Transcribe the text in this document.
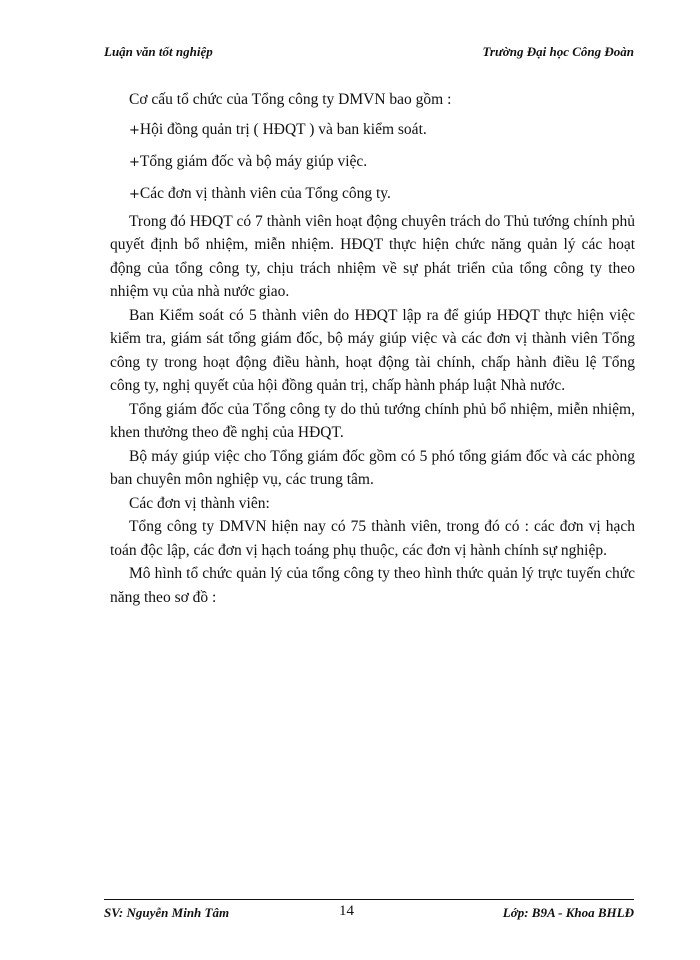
Luận văn tốt nghiệp	Trường Đại học Công Đoàn

Cơ cấu tổ chức của Tổng công ty DMVN bao gồm :

+Hội đồng quản trị ( HĐQT ) và ban kiểm soát.

+Tổng giám đốc và bộ máy giúp việc.

+Các đơn vị thành viên của Tổng công ty.

Trong đó HĐQT có 7 thành viên hoạt động chuyên trách do Thủ tướng chính phủ quyết định bổ nhiệm, miễn nhiệm. HĐQT thực hiện chức năng quản lý các hoạt động của tổng công ty, chịu trách nhiệm về sự phát triển của tổng công ty theo nhiệm vụ của nhà nước giao.

Ban Kiểm soát có 5 thành viên do HĐQT lập ra để giúp HĐQT thực hiện việc kiểm tra, giám sát tổng giám đốc, bộ máy giúp việc và các đơn vị thành viên Tổng công ty trong hoạt động điều hành, hoạt động tài chính, chấp hành điều lệ Tổng công ty, nghị quyết của hội đồng quản trị, chấp hành pháp luật Nhà nước.

Tổng giám đốc của Tổng công ty do thủ tướng chính phủ bổ nhiệm, miễn nhiệm, khen thưởng theo đề nghị của HĐQT.

Bộ máy giúp việc cho Tổng giám đốc gồm có 5 phó tổng giám đốc và các phòng ban chuyên môn nghiệp vụ, các trung tâm.

Các đơn vị thành viên:

Tổng công ty DMVN hiện nay có 75 thành viên, trong đó có : các đơn vị hạch toán độc lập, các đơn vị hạch toáng phụ thuộc, các đơn vị hành chính sự nghiệp.

Mô hình tổ chức quản lý của tổng công ty theo hình thức quản lý trực tuyến chức năng theo sơ đồ :

SV: Nguyễn Minh Tâm	14	Lớp: B9A - Khoa BHLĐ
